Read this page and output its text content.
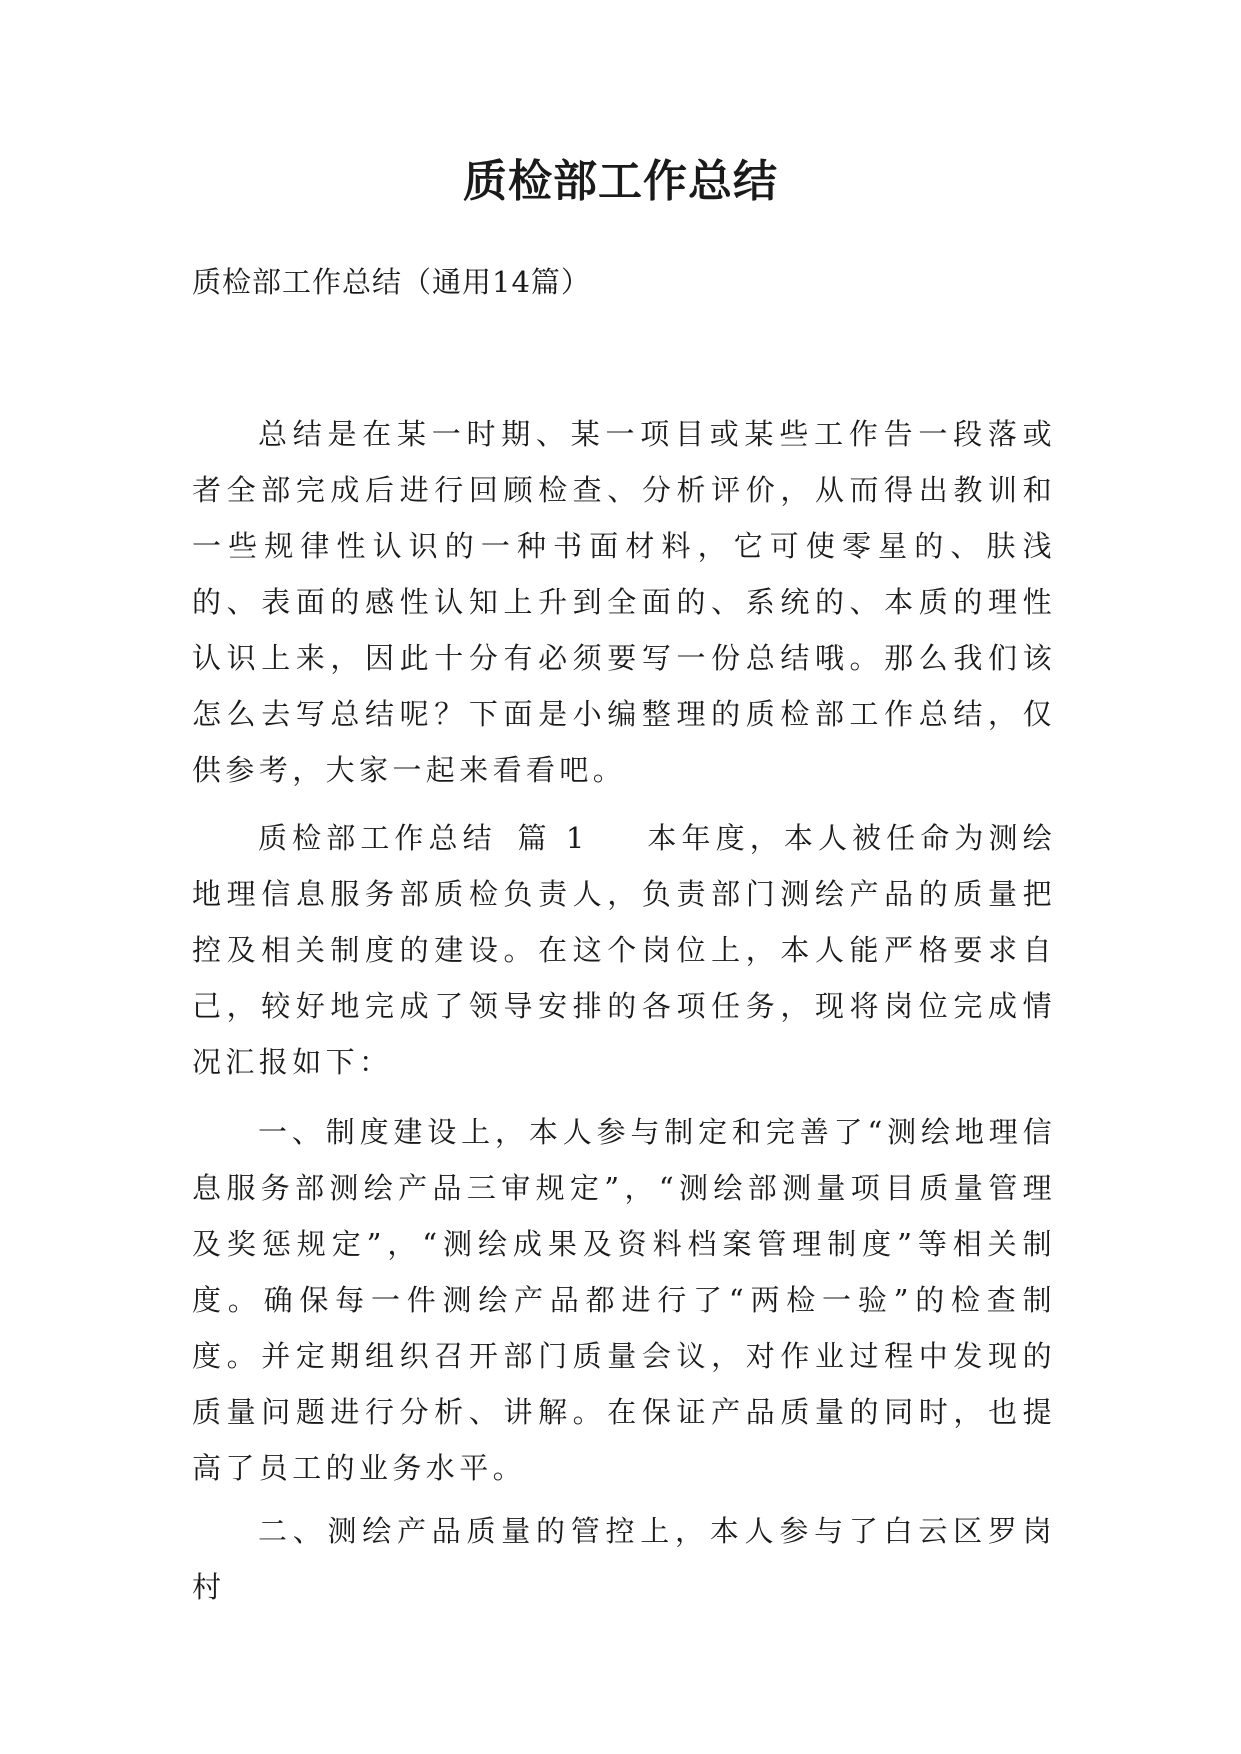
质检部工作总结
质检部工作总结（通用14篇）

总结是在某一时期、某一项目或某些工作告一段落或者全部完成后进行回顾检查、分析评价，从而得出教训和一些规律性认识的一种书面材料，它可使零星的、肤浅的、表面的感性认知上升到全面的、系统的、本质的理性认识上来，因此十分有必须要写一份总结哦。那么我们该怎么去写总结呢？下面是小编整理的质检部工作总结，仅供参考，大家一起来看看吧。

质检部工作总结 篇 1 本年度，本人被任命为测绘地理信息服务部质检负责人，负责部门测绘产品的质量把控及相关制度的建设。在这个岗位上，本人能严格要求自己，较好地完成了领导安排的各项任务，现将岗位完成情况汇报如下：

一、制度建设上，本人参与制定和完善了“测绘地理信息服务部测绘产品三审规定”，“测绘部测量项目质量管理及奖惩规定”，“测绘成果及资料档案管理制度”等相关制度。确保每一件测绘产品都进行了“两检一验”的检查制度。并定期组织召开部门质量会议，对作业过程中发现的质量问题进行分析、讲解。在保证产品质量的同时，也提高了员工的业务水平。

二、测绘产品质量的管控上，本人参与了白云区罗岗村
